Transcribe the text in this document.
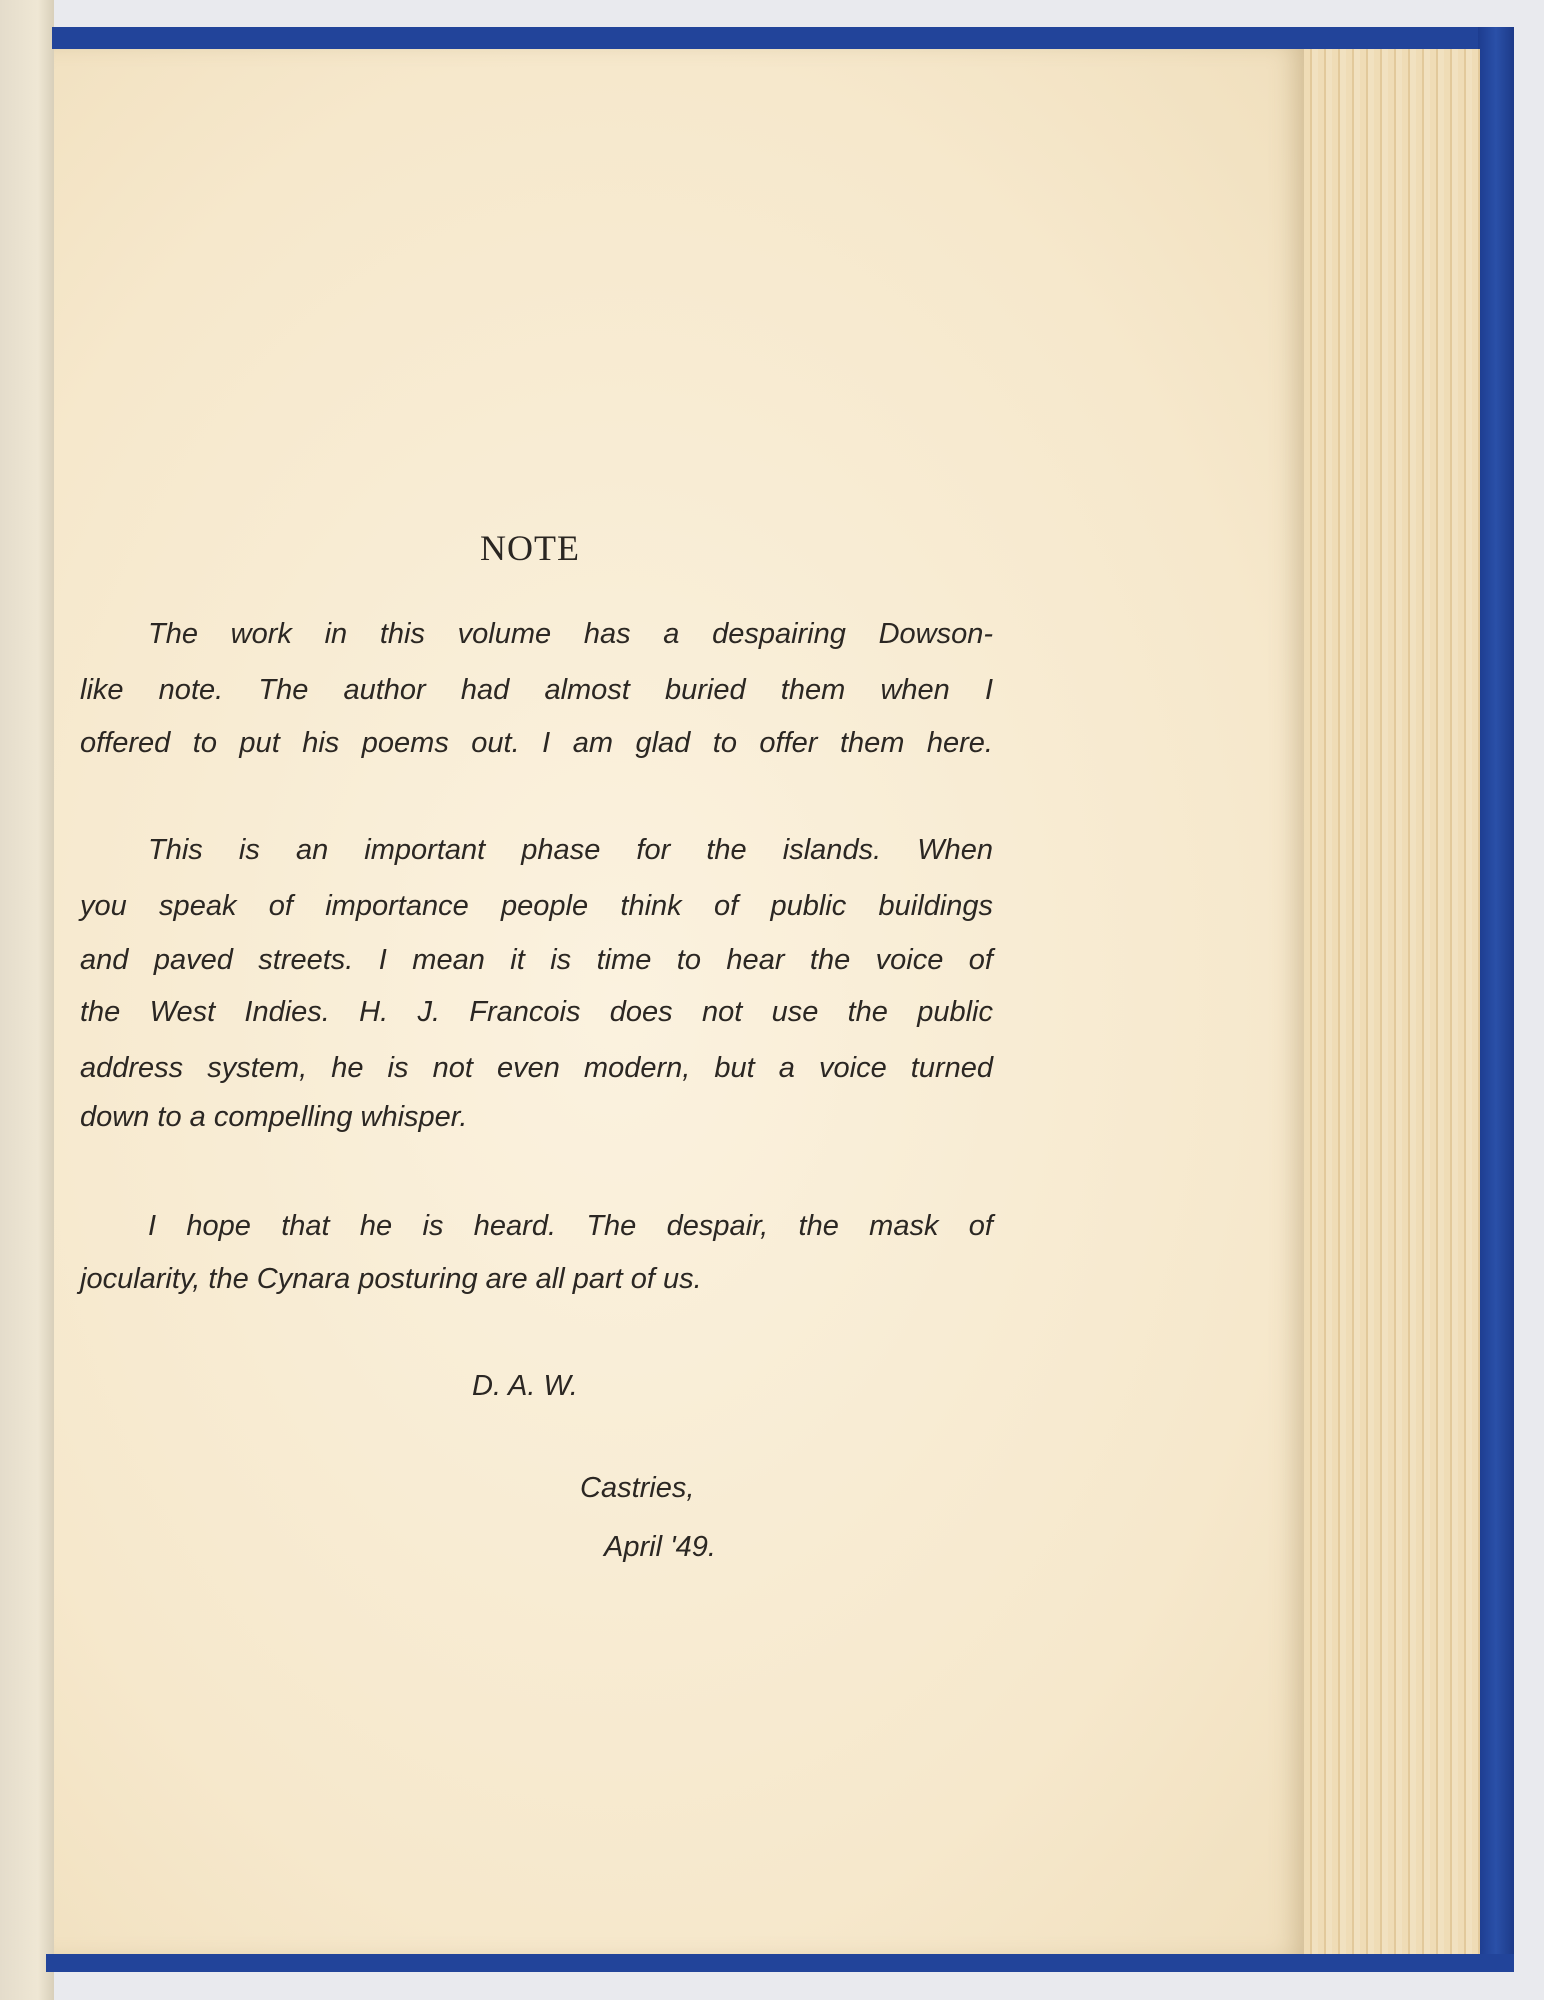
NOTE
The work in this volume has a despairing Dowson-
like note. The author had almost buried them when I
offered to put his poems out. I am glad to offer them here.
This is an important phase for the islands. When
you speak of importance people think of public buildings
and paved streets. I mean it is time to hear the voice of
the West Indies. H. J. Francois does not use the public
address system, he is not even modern, but a voice turned
down to a compelling whisper.
I hope that he is heard. The despair, the mask of
jocularity, the Cynara posturing are all part of us.
D. A. W.
Castries,
April '49.
